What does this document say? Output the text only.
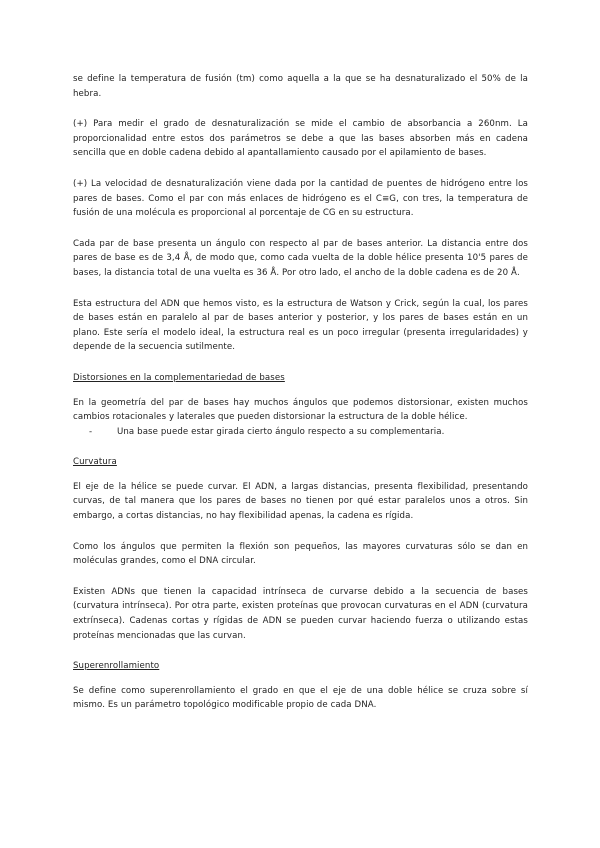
se define la temperatura de fusión (tm) como aquella a la que se ha desnaturalizado el 50% de la hebra.

(+) Para medir el grado de desnaturalización se mide el cambio de absorbancia a 260nm. La proporcionalidad entre estos dos parámetros se debe a que las bases absorben más en cadena sencilla que en doble cadena debido al apantallamiento causado por el apilamiento de bases.

(+) La velocidad de desnaturalización viene dada por la cantidad de puentes de hidrógeno entre los pares de bases. Como el par con más enlaces de hidrógeno es el C≡G, con tres, la temperatura de fusión de una molécula es proporcional al porcentaje de CG en su estructura.

Cada par de base presenta un ángulo con respecto al par de bases anterior. La distancia entre dos pares de base es de 3,4 Å, de modo que, como cada vuelta de la doble hélice presenta 10'5 pares de bases, la distancia total de una vuelta es 36 Å. Por otro lado, el ancho de la doble cadena es de 20 Å.

Esta estructura del ADN que hemos visto, es la estructura de Watson y Crick, según la cual, los pares de bases están en paralelo al par de bases anterior y posterior, y los pares de bases están en un plano. Este sería el modelo ideal, la estructura real es un poco irregular (presenta irregularidades) y depende de la secuencia sutilmente.

Distorsiones en la complementariedad de bases

En la geometría del par de bases hay muchos ángulos que podemos distorsionar, existen muchos cambios rotacionales y laterales que pueden distorsionar la estructura de la doble hélice.

-	Una base puede estar girada cierto ángulo respecto a su complementaria.
Curvatura

El eje de la hélice se puede curvar. El ADN, a largas distancias, presenta flexibilidad, presentando curvas, de tal manera que los pares de bases no tienen por qué estar paralelos unos a otros. Sin embargo, a cortas distancias, no hay flexibilidad apenas, la cadena es rígida.

Como los ángulos que permiten la flexión son pequeños, las mayores curvaturas sólo se dan en moléculas grandes, como el DNA circular.

Existen ADNs que tienen la capacidad intrínseca de curvarse debido a la secuencia de bases (curvatura intrínseca). Por otra parte, existen proteínas que provocan curvaturas en el ADN (curvatura extrínseca). Cadenas cortas y rígidas de ADN se pueden curvar haciendo fuerza o utilizando estas proteínas mencionadas que las curvan.

Superenrollamiento

Se define como superenrollamiento el grado en que el eje de una doble hélice se cruza sobre sí mismo. Es un parámetro topológico modificable propio de cada DNA.
